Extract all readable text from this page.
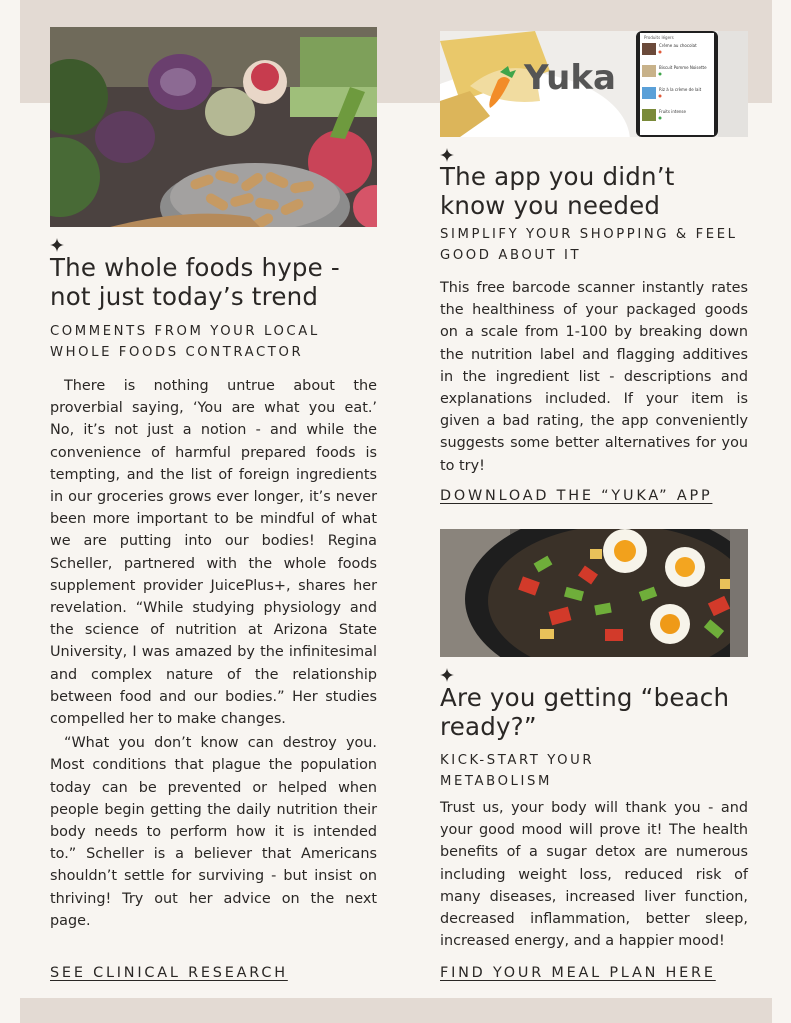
The whole foods hype - not just today’s trend
COMMENTS FROM YOUR LOCAL WHOLE FOODS CONTRACTOR

There is nothing untrue about the proverbial saying, ‘You are what you eat.’ No, it’s not just a notion - and while the convenience of harmful prepared foods is tempting, and the list of foreign ingredients in our groceries grows ever longer, it’s never been more important to be mindful of what we are putting into our bodies! Regina Scheller, partnered with the whole foods supplement provider JuicePlus+, shares her revelation. “While studying physiology and the science of nutrition at Arizona State University, I was amazed by the infinitesimal and complex nature of the relationship between food and our bodies.” Her studies compelled her to make changes.

“What you don’t know can destroy you. Most conditions that plague the population today can be prevented or helped when people begin getting the daily nutrition their body needs to perform how it is intended to.” Scheller is a believer that Americans shouldn’t settle for surviving - but insist on thriving! Try out her advice on the next page.

SEE CLINICAL RESEARCH
Yuka
Produits légers
Crème au chocolat
Biscuit Pomme Noisette
Riz à la crème de lait
Fruits intense
The app you didn’t know you needed
SIMPLIFY YOUR SHOPPING & FEEL GOOD ABOUT IT
This free barcode scanner instantly rates the healthiness of your packaged goods on a scale from 1-100 by breaking down the nutrition label and flagging additives in the ingredient list - descriptions and explanations included. If your item is given a bad rating, the app conveniently suggests some better alternatives for you to try!
DOWNLOAD THE “YUKA” APP
Are you getting “beach ready?”
KICK-START YOUR METABOLISM
Trust us, your body will thank you - and your good mood will prove it! The health benefits of a sugar detox are numerous including weight loss, reduced risk of many diseases, increased liver function, decreased inflammation, better sleep, increased energy, and a happier mood!
FIND YOUR MEAL PLAN HERE
